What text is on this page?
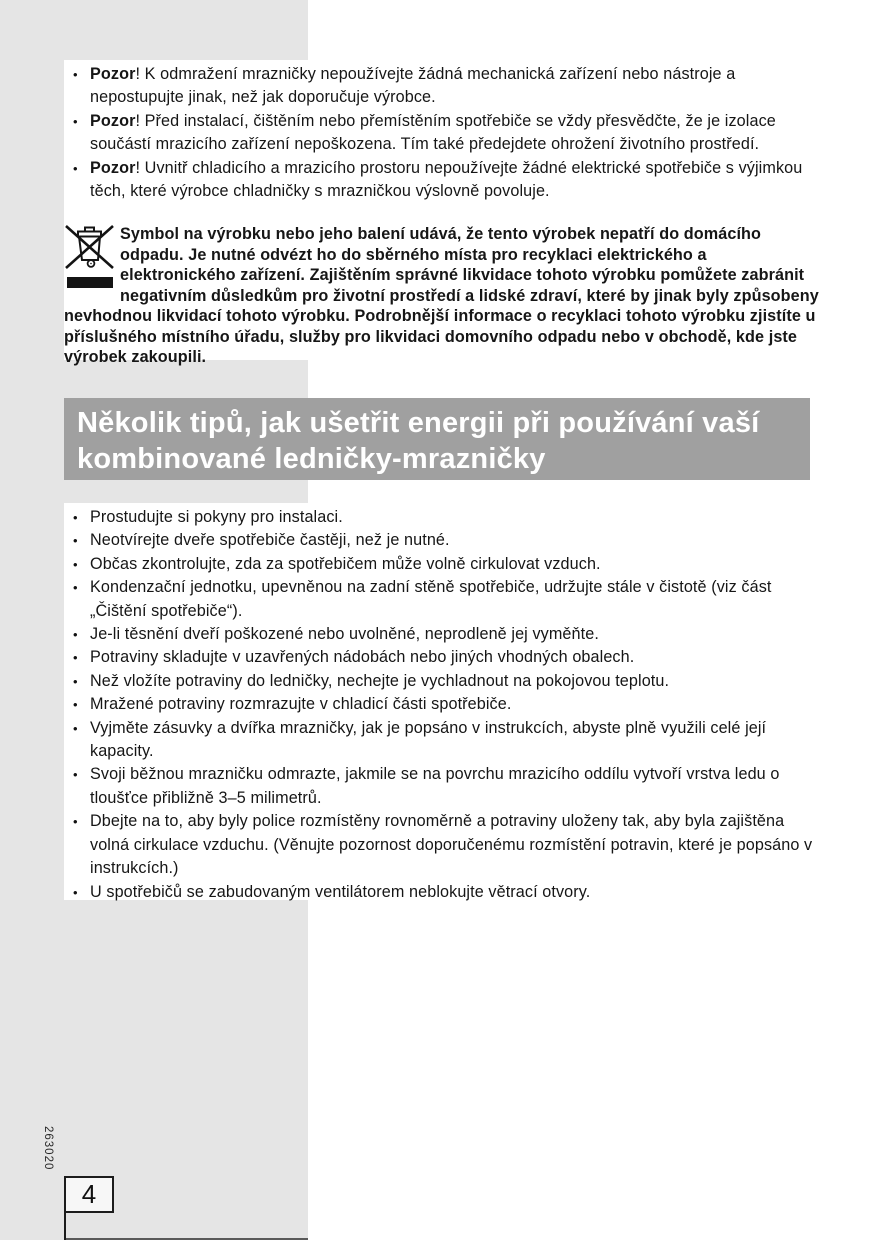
• Pozor! K odmražení mrazničky nepoužívejte žádná mechanická zařízení nebo nástroje a nepostupujte jinak, než jak doporučuje výrobce.
• Pozor! Před instalací, čištěním nebo přemístěním spotřebiče se vždy přesvědčte, že je izolace součástí mrazicího zařízení nepoškozena. Tím také předejdete ohrožení životního prostředí.
• Pozor! Uvnitř chladicího a mrazicího prostoru nepoužívejte žádné elektrické spotřebiče s výjimkou těch, které výrobce chladničky s mrazničkou výslovně povoluje.
Symbol na výrobku nebo jeho balení udává, že tento výrobek nepatří do domácího odpadu. Je nutné odvézt ho do sběrného místa pro recyklaci elektrického a elektronického zařízení. Zajištěním správné likvidace tohoto výrobku pomůžete zabránit negativním důsledkům pro životní prostředí a lidské zdraví, které by jinak byly způsobeny nevhodnou likvidací tohoto výrobku. Podrobnější informace o recyklaci tohoto výrobku zjistíte u příslušného místního úřadu, služby pro likvidaci domovního odpadu nebo v obchodě, kde jste výrobek zakoupili.
Několik tipů, jak ušetřit energii při používání vaší kombinované ledničky-mrazničky
• Prostudujte si pokyny pro instalaci.
• Neotvírejte dveře spotřebiče častěji, než je nutné.
• Občas zkontrolujte, zda za spotřebičem může volně cirkulovat vzduch.
• Kondenzační jednotku, upevněnou na zadní stěně spotřebiče, udržujte stále v čistotě (viz část „Čištění spotřebiče“).
• Je-li těsnění dveří poškozené nebo uvolněné, neprodleně jej vyměňte.
• Potraviny skladujte v uzavřených nádobách nebo jiných vhodných obalech.
• Než vložíte potraviny do ledničky, nechejte je vychladnout na pokojovou teplotu.
• Mražené potraviny rozmrazujte v chladicí části spotřebiče.
• Vyjměte zásuvky a dvířka mrazničky, jak je popsáno v instrukcích, abyste plně využili celé její kapacity.
• Svoji běžnou mrazničku odmrazte, jakmile se na povrchu mrazicího oddílu vytvoří vrstva ledu o tloušťce přibližně 3–5 milimetrů.
• Dbejte na to, aby byly police rozmístěny rovnoměrně a potraviny uloženy tak, aby byla zajištěna volná cirkulace vzduchu. (Věnujte pozornost doporučenému rozmístění potravin, které je popsáno v instrukcích.)
• U spotřebičů se zabudovaným ventilátorem neblokujte větrací otvory.
263020
4
